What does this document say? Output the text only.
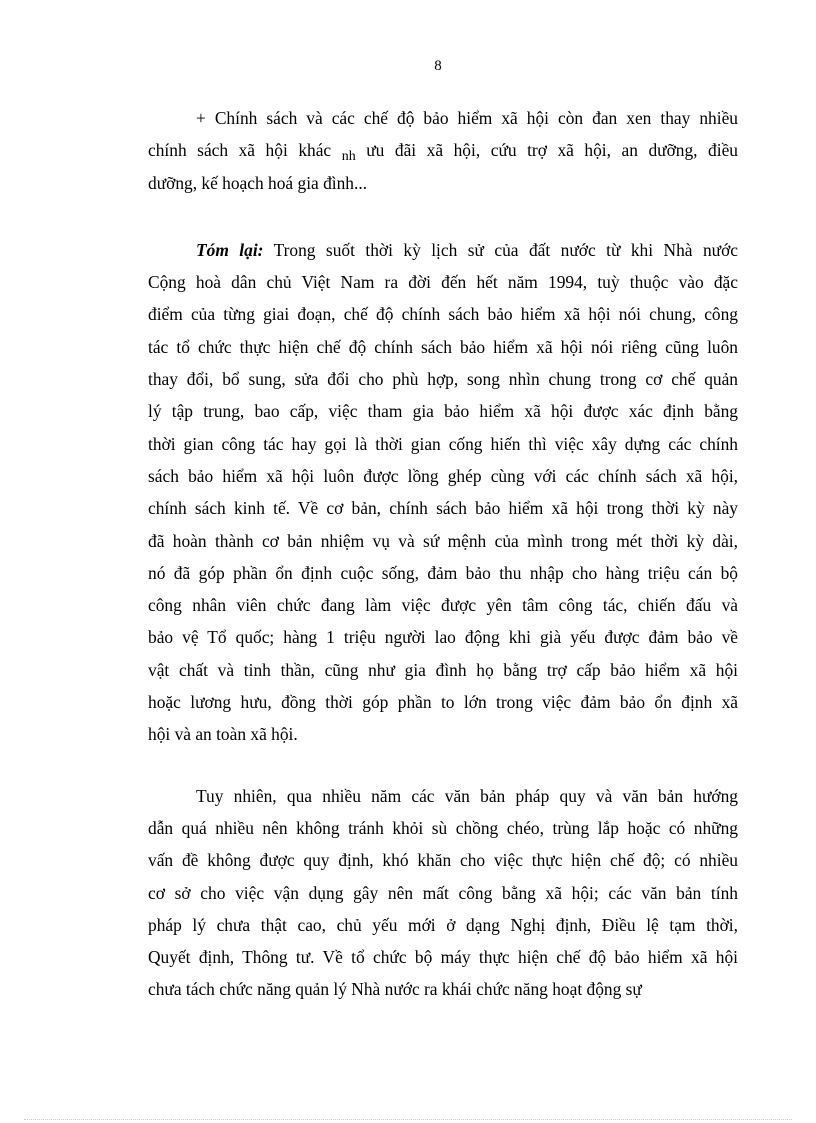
8
+ Chính sách và các chế độ bảo hiểm xã hội còn đan xen thay nhiều
chính sách xã hội khác $_{nh}$ ưu đãi xã hội, cứu trợ xã hội, an dưỡng, điều
dưỡng, kế hoạch hoá gia đình...
Tóm lại: Trong suốt thời kỳ lịch sử của đất nước từ khi Nhà nước
Cộng hoà dân chủ Việt Nam ra đời đến hết năm 1994, tuỳ thuộc vào đặc
điểm của từng giai đoạn, chế độ chính sách bảo hiểm xã hội nói chung, công
tác tổ chức thực hiện chế độ chính sách bảo hiểm xã hội nói riêng cũng luôn
thay đổi, bổ sung, sửa đổi cho phù hợp, song nhìn chung trong cơ chế quản
lý tập trung, bao cấp, việc tham gia bảo hiểm xã hội được xác định bằng
thời gian công tác hay gọi là thời gian cống hiến thì việc xây dựng các chính
sách bảo hiểm xã hội luôn được lồng ghép cùng với các chính sách xã hội,
chính sách kinh tế. Về cơ bản, chính sách bảo hiểm xã hội trong thời kỳ này
đã hoàn thành cơ bản nhiệm vụ và sứ mệnh của mình trong mét thời kỳ dài,
nó đã góp phần ổn định cuộc sống, đảm bảo thu nhập cho hàng triệu cán bộ
công nhân viên chức đang làm việc được yên tâm công tác, chiến đấu và
bảo vệ Tổ quốc; hàng 1 triệu người lao động khi già yếu được đảm bảo về
vật chất và tinh thần, cũng như gia đình họ bằng trợ cấp bảo hiểm xã hội
hoặc lương hưu, đồng thời góp phần to lớn trong việc đảm bảo ổn định xã
hội và an toàn xã hội.
Tuy nhiên, qua nhiều năm các văn bản pháp quy và văn bản hướng
dẫn quá nhiều nên không tránh khỏi sù chồng chéo, trùng lắp hoặc có những
vấn đề không được quy định, khó khăn cho việc thực hiện chế độ; có nhiều
cơ sở cho việc vận dụng gây nên mất công bằng xã hội; các văn bản tính
pháp lý chưa thật cao, chủ yếu mới ở dạng Nghị định, Điều lệ tạm thời,
Quyết định, Thông tư. Về tổ chức bộ máy thực hiện chế độ bảo hiểm xã hội
chưa tách chức năng quản lý Nhà nước ra khái chức năng hoạt động sự
